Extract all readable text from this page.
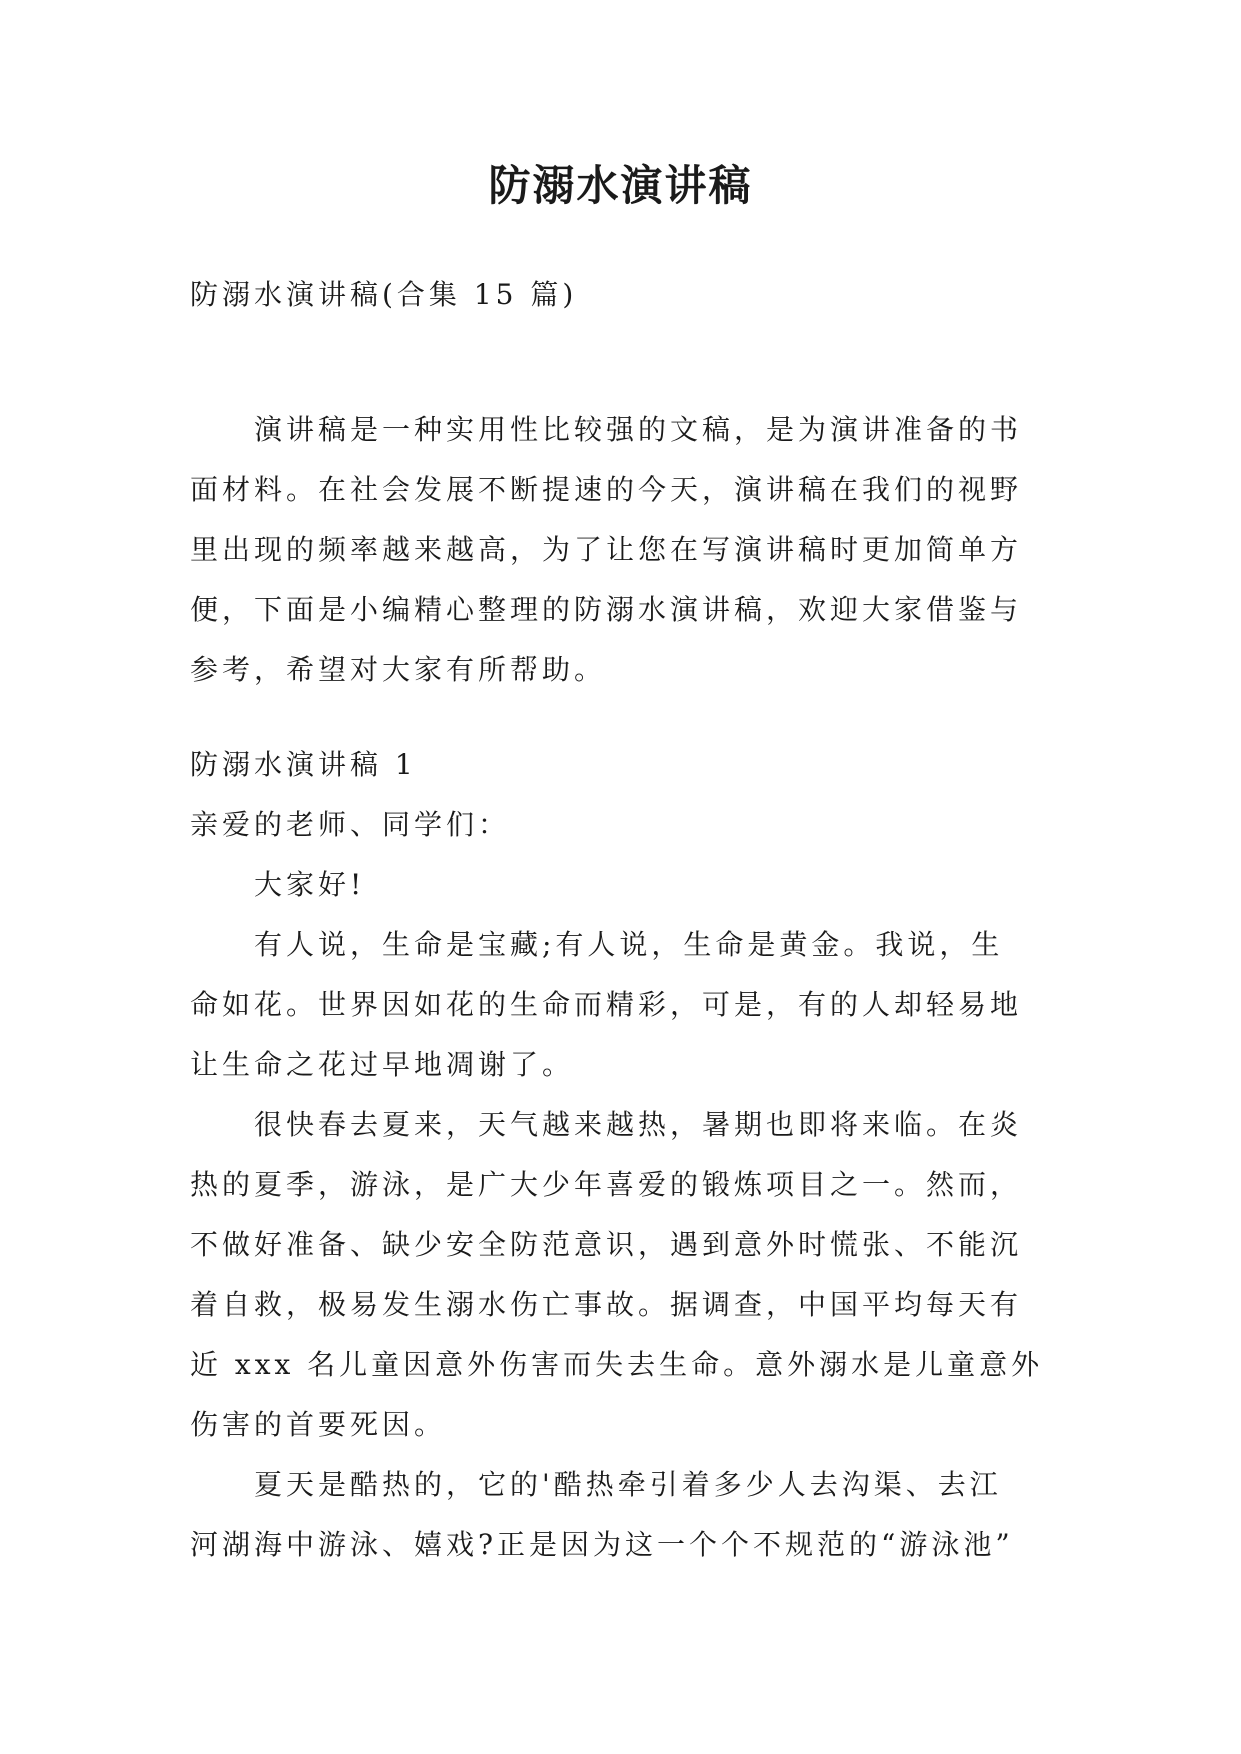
防溺水演讲稿
防溺水演讲稿(合集 15 篇)
演讲稿是一种实用性比较强的文稿，是为演讲准备的书
面材料。在社会发展不断提速的今天，演讲稿在我们的视野
里出现的频率越来越高，为了让您在写演讲稿时更加简单方
便，下面是小编精心整理的防溺水演讲稿，欢迎大家借鉴与
参考，希望对大家有所帮助。
防溺水演讲稿 1
亲爱的老师、同学们：
大家好!
有人说，生命是宝藏;有人说，生命是黄金。我说，生
命如花。世界因如花的生命而精彩，可是，有的人却轻易地
让生命之花过早地凋谢了。
很快春去夏来，天气越来越热，暑期也即将来临。在炎
热的夏季，游泳，是广大少年喜爱的锻炼项目之一。然而，
不做好准备、缺少安全防范意识，遇到意外时慌张、不能沉
着自救，极易发生溺水伤亡事故。据调查，中国平均每天有
近 xxx 名儿童因意外伤害而失去生命。意外溺水是儿童意外
伤害的首要死因。
夏天是酷热的，它的'酷热牵引着多少人去沟渠、去江
河湖海中游泳、嬉戏?正是因为这一个个不规范的“游泳池”
